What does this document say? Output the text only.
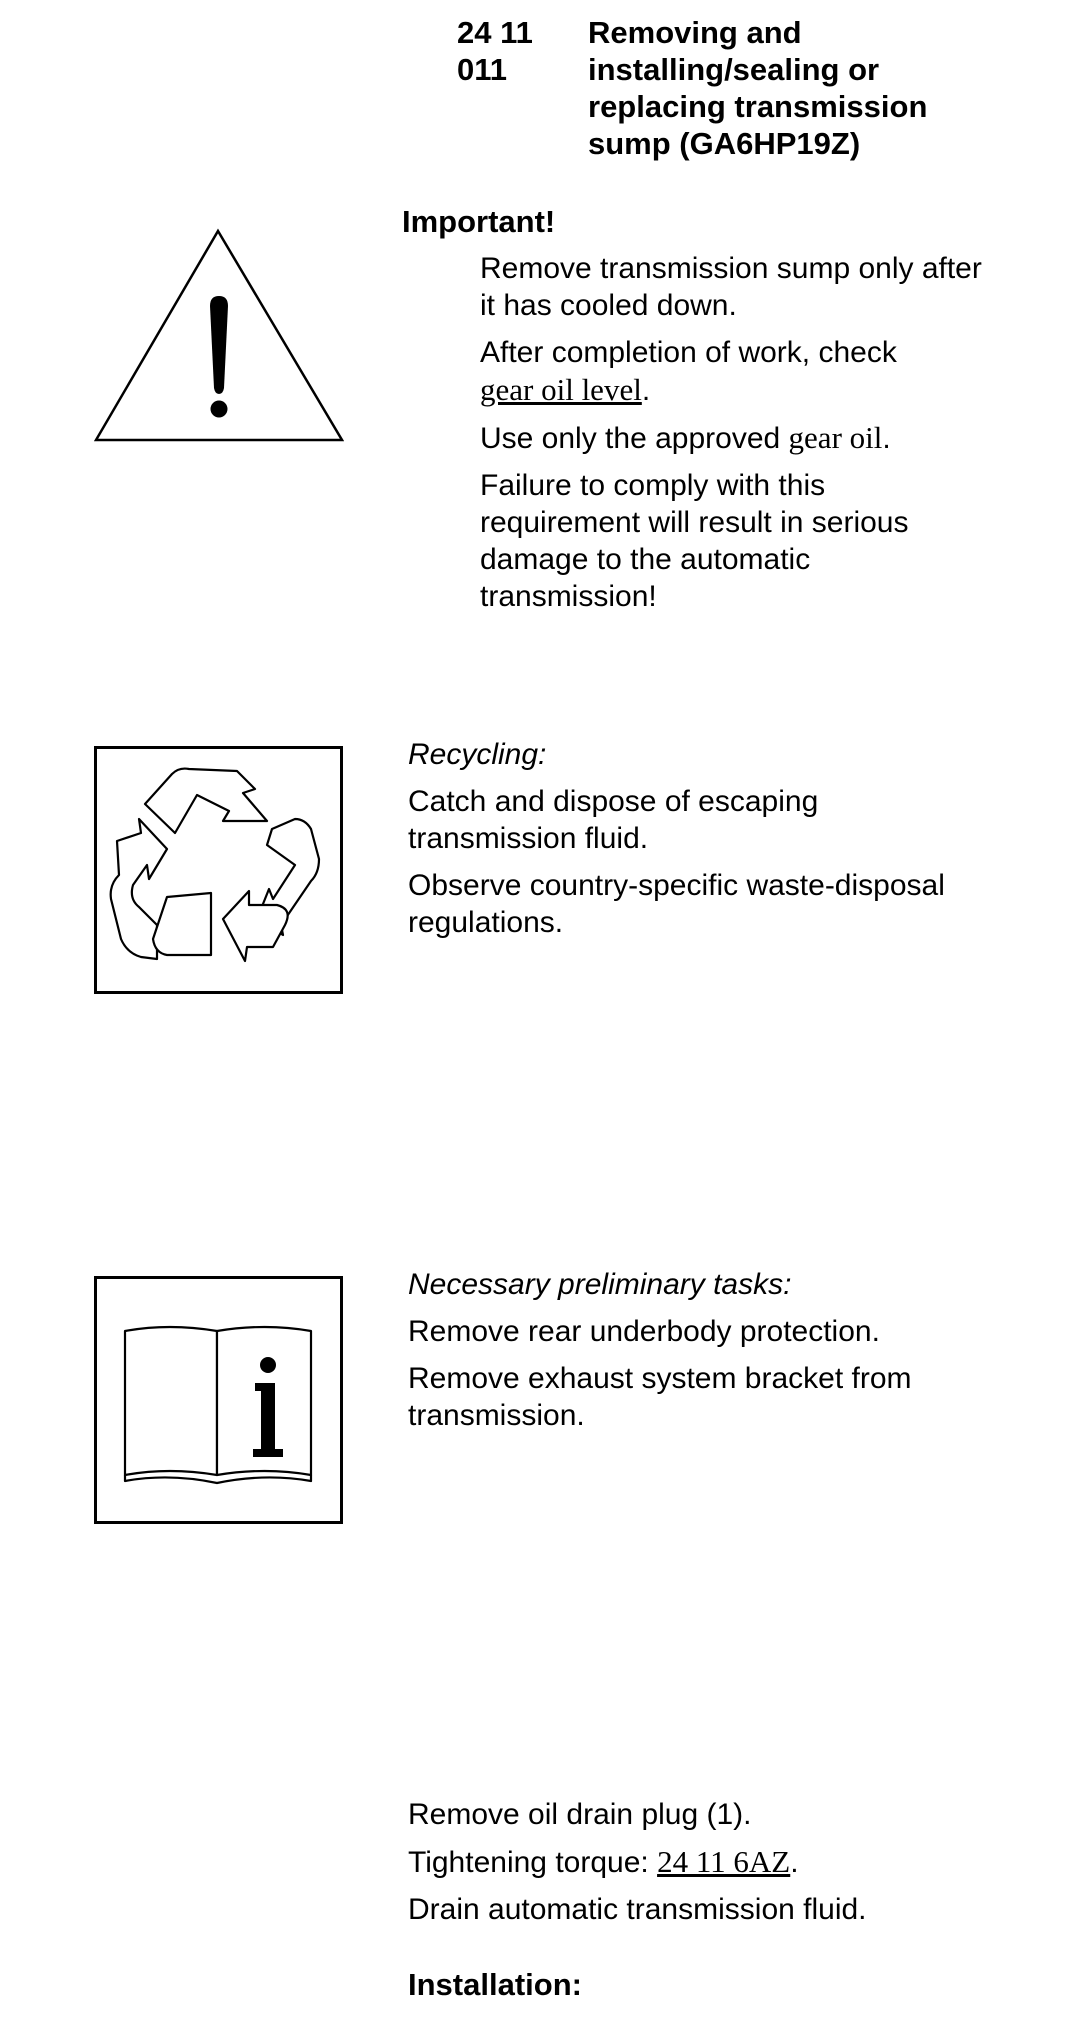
24 11
011
Removing and
installing/sealing or
replacing transmission
sump (GA6HP19Z)
Important!

Remove transmission sump only after it has cooled down.

After completion of work, check
gear oil level.

Use only the approved gear oil.

Failure to comply with this requirement will result in serious damage to the automatic transmission!

Recycling:

Catch and dispose of escaping transmission fluid.

Observe country-specific waste-disposal regulations.

Necessary preliminary tasks:

Remove rear underbody protection.

Remove exhaust system bracket from transmission.

Remove oil drain plug (1).

Tightening torque: 24 11 6AZ.

Drain automatic transmission fluid.

Installation:
